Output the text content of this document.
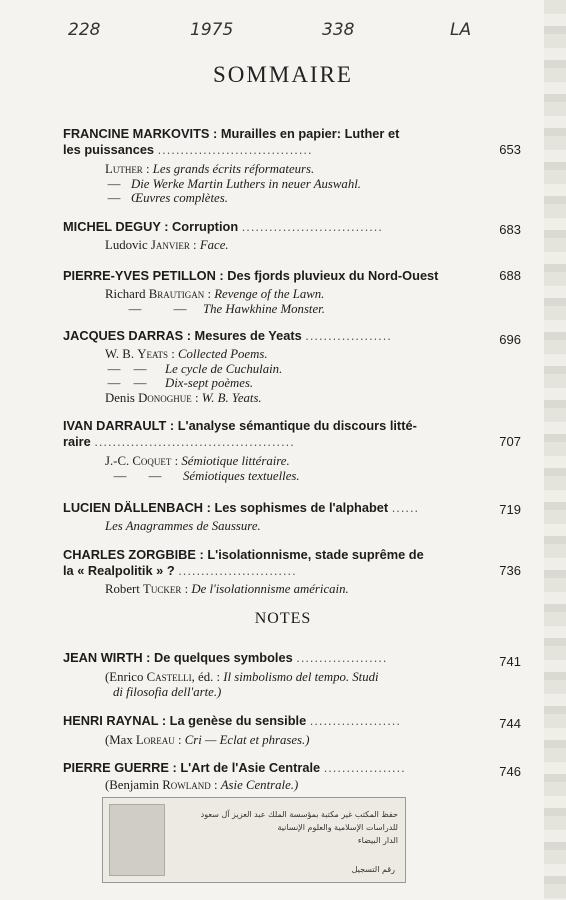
228	1975	338	LA
SOMMAIRE
FRANCINE MARKOVITS : Murailles en papier: Luther et
les puissances ..................................	653
Luther : Les grands écrits réformateurs.
— Die Werke Martin Luthers in neuer Auswahl.
— Œuvres complètes.
MICHEL DEGUY : Corruption ...............................	683
Ludovic Janvier : Face.
PIERRE-YVES PETILLON : Des fjords pluvieux du Nord-Ouest	688
Richard Brautigan : Revenge of the Lawn.
—	— The Hawkhine Monster.
JACQUES DARRAS : Mesures de Yeats ...................	696
W. B. Yeats : Collected Poems.
— — Le cycle de Cuchulain.
— — Dix-sept poèmes.
Denis Donoghue : W. B. Yeats.
IVAN DARRAULT : L'analyse sémantique du discours litté-
raire ............................................	707
J.-C. Coquet : Sémiotique littéraire.
— — Sémiotiques textuelles.
LUCIEN DÄLLENBACH : Les sophismes de l'alphabet ......	719
Les Anagrammes de Saussure.
CHARLES ZORGBIBE : L'isolationnisme, stade suprême de
la « Realpolitik » ? ..........................	736
Robert Tucker : De l'isolationnisme américain.
NOTES
JEAN WIRTH : De quelques symboles ....................	741
(Enrico Castelli, éd. : Il simbolismo del tempo. Studi
di filosofia dell'arte.)
HENRI RAYNAL : La genèse du sensible ....................	744
(Max Loreau : Cri — Eclat et phrases.)
PIERRE GUERRE : L'Art de l'Asie Centrale ..................	746
(Benjamin Rowland : Asie Centrale.)
حفظ المكتب غير مكتبة بمؤسسة الملك عبد العزيز آل سعود
للدراسات الإسلامية والعلوم الإنسانية
الدار البيضاء
رقم التسجيل
